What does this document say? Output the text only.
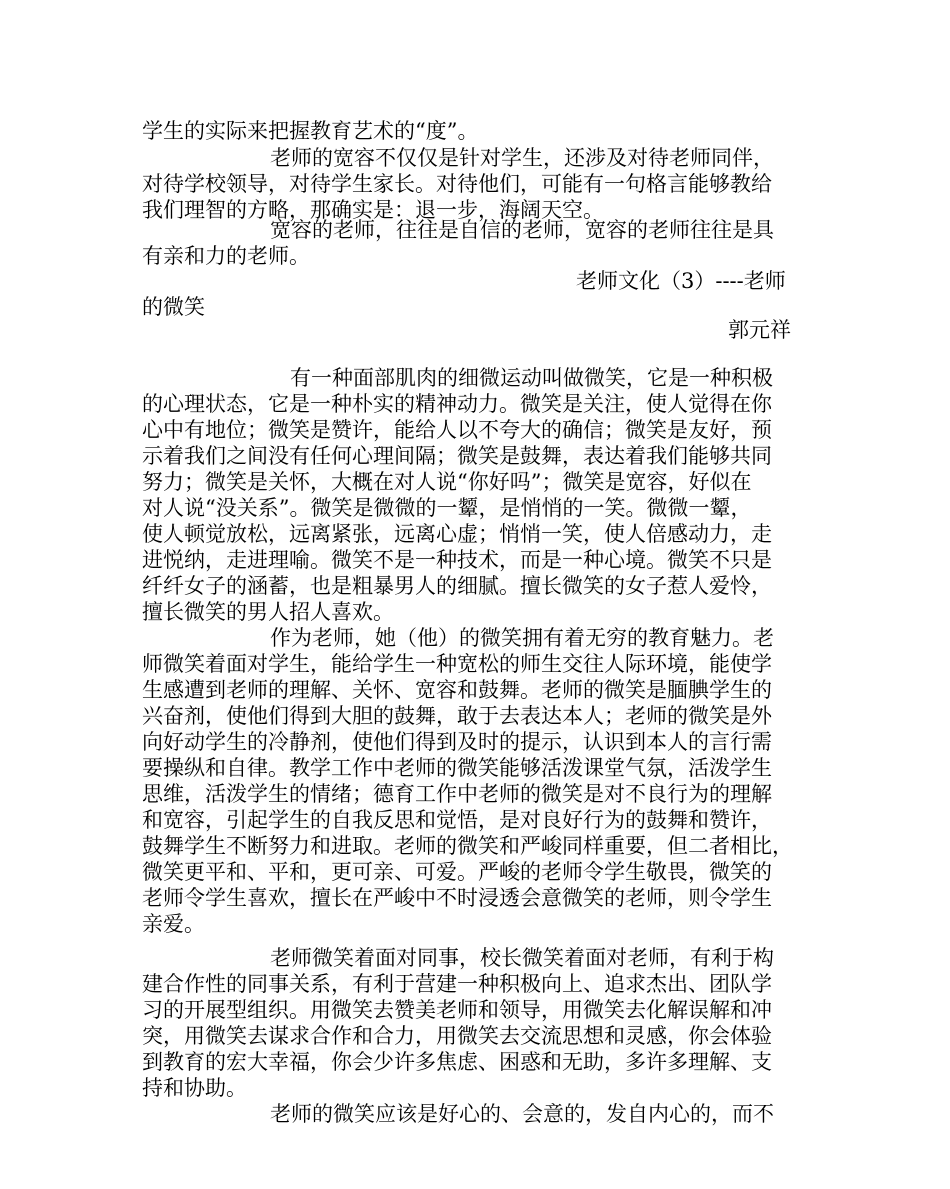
学生的实际来把握教育艺术的“度”。
老师的宽容不仅仅是针对学生，还涉及对待老师同伴，
对待学校领导，对待学生家长。对待他们，可能有一句格言能够教给
我们理智的方略，那确实是：退一步，海阔天空。
宽容的老师，往往是自信的老师，宽容的老师往往是具
有亲和力的老师。
老师文化（3）----老师
的微笑
郭元祥
有一种面部肌肉的细微运动叫做微笑，它是一种积极
的心理状态，它是一种朴实的精神动力。微笑是关注，使人觉得在你
心中有地位；微笑是赞许，能给人以不夸大的确信；微笑是友好，预
示着我们之间没有任何心理间隔；微笑是鼓舞，表达着我们能够共同
努力；微笑是关怀，大概在对人说“你好吗”；微笑是宽容，好似在
对人说“没关系”。微笑是微微的一颦，是悄悄的一笑。微微一颦，
使人顿觉放松，远离紧张，远离心虚；悄悄一笑，使人倍感动力，走
进悦纳，走进理喻。微笑不是一种技术，而是一种心境。微笑不只是
纤纤女子的涵蓄，也是粗暴男人的细腻。擅长微笑的女子惹人爱怜，
擅长微笑的男人招人喜欢。
作为老师，她（他）的微笑拥有着无穷的教育魅力。老
师微笑着面对学生，能给学生一种宽松的师生交往人际环境，能使学
生感遭到老师的理解、关怀、宽容和鼓舞。老师的微笑是腼腆学生的
兴奋剂，使他们得到大胆的鼓舞，敢于去表达本人；老师的微笑是外
向好动学生的冷静剂，使他们得到及时的提示，认识到本人的言行需
要操纵和自律。教学工作中老师的微笑能够活泼课堂气氛，活泼学生
思维，活泼学生的情绪；德育工作中老师的微笑是对不良行为的理解
和宽容，引起学生的自我反思和觉悟，是对良好行为的鼓舞和赞许，
鼓舞学生不断努力和进取。老师的微笑和严峻同样重要，但二者相比，
微笑更平和、平和，更可亲、可爱。严峻的老师令学生敬畏，微笑的
老师令学生喜欢，擅长在严峻中不时浸透会意微笑的老师，则令学生
亲爱。
老师微笑着面对同事，校长微笑着面对老师，有利于构
建合作性的同事关系，有利于营建一种积极向上、追求杰出、团队学
习的开展型组织。用微笑去赞美老师和领导，用微笑去化解误解和冲
突，用微笑去谋求合作和合力，用微笑去交流思想和灵感，你会体验
到教育的宏大幸福，你会少许多焦虑、困惑和无助，多许多理解、支
持和协助。
老师的微笑应该是好心的、会意的，发自内心的，而不
